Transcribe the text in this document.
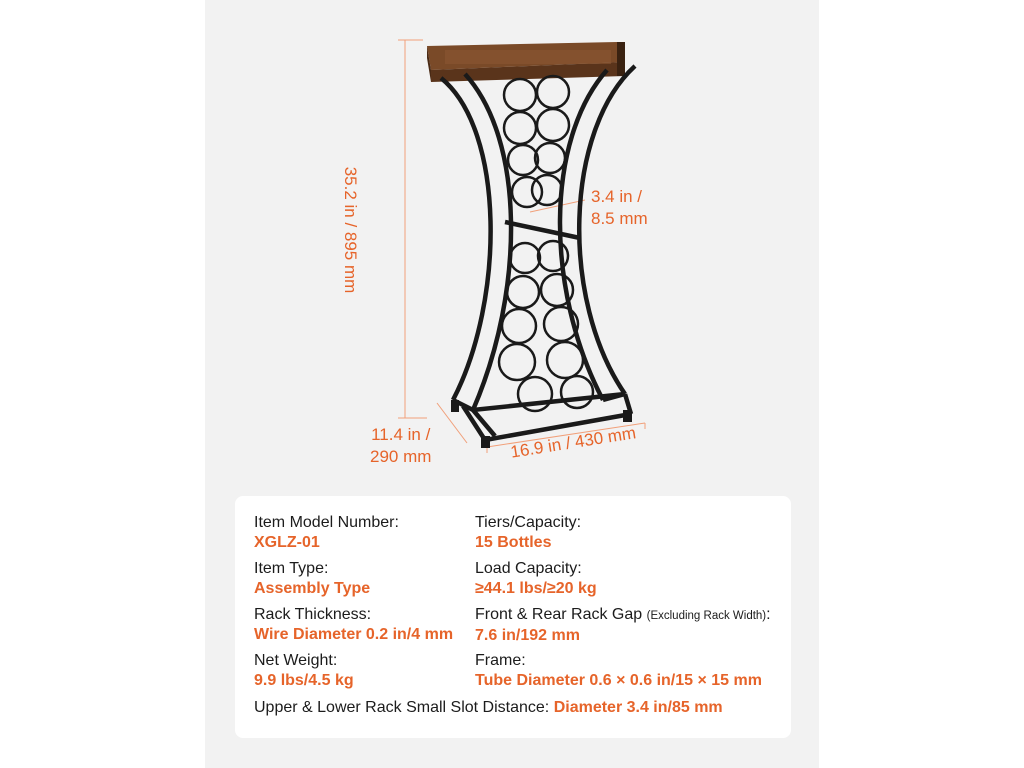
35.2 in / 895 mm	3.4 in /
8.5 mm
11.4 in /
290 mm	16.9 in / 430 mm
Item Model Number:
XGLZ-01
Tiers/Capacity:
15 Bottles
Item Type:
Assembly Type
Load Capacity:
≥44.1 lbs/≥20 kg
Rack Thickness:
Wire Diameter 0.2 in/4 mm
Front & Rear Rack Gap (Excluding Rack Width):
7.6 in/192 mm
Net Weight:
9.9 lbs/4.5 kg
Frame:
Tube Diameter 0.6 × 0.6 in/15 × 15 mm
Upper & Lower Rack Small Slot Distance: Diameter 3.4 in/85 mm
